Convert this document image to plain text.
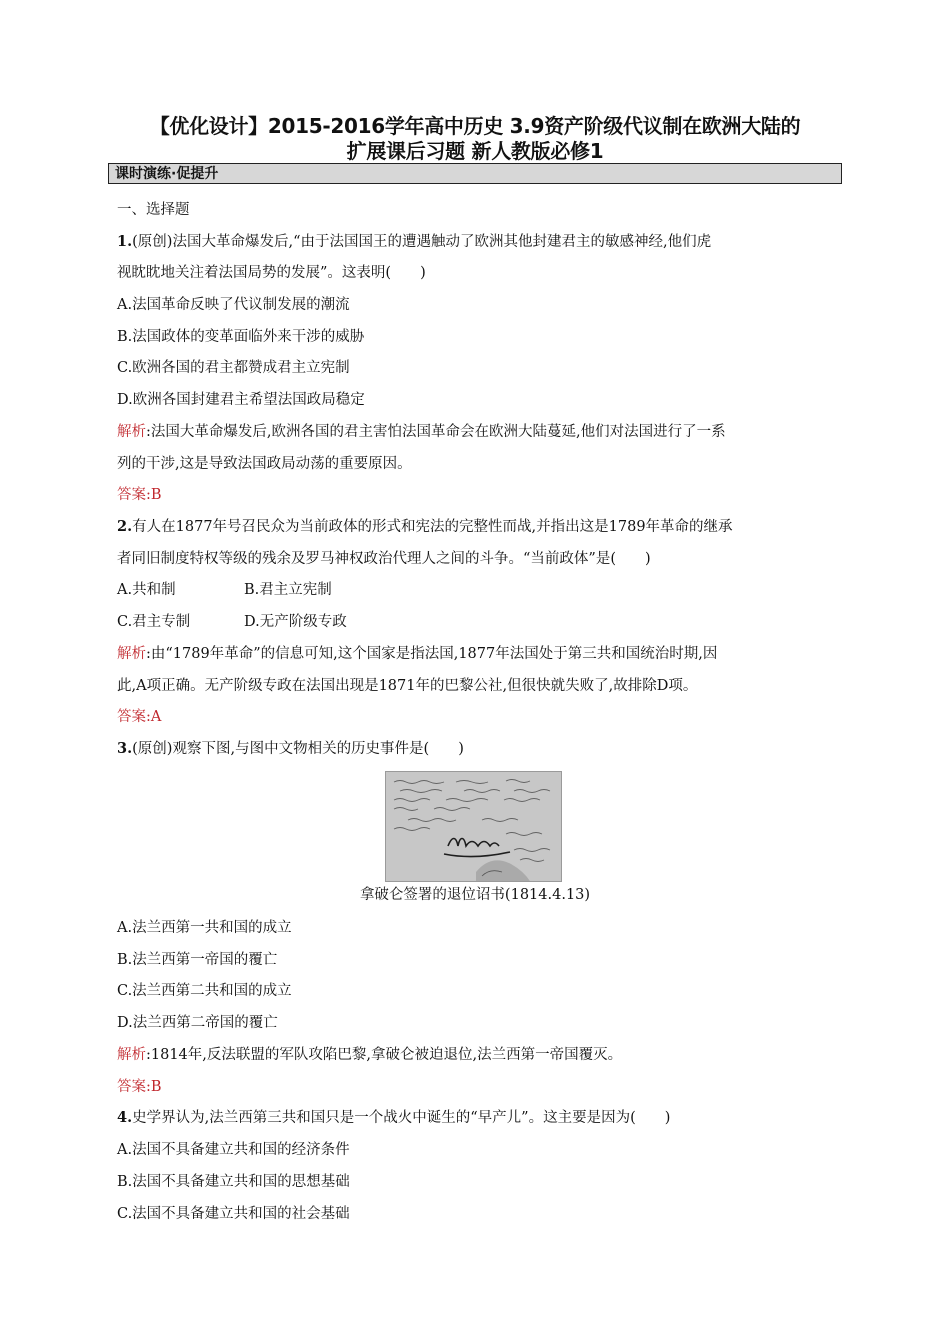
【优化设计】2015-2016学年高中历史 3.9资产阶级代议制在欧洲大陆的
扩展课后习题 新人教版必修1
课时演练·促提升
一、选择题
1.(原创)法国大革命爆发后,“由于法国国王的遭遇触动了欧洲其他封建君主的敏感神经,他们虎
视眈眈地关注着法国局势的发展”。这表明(　　)
A.法国革命反映了代议制发展的潮流
B.法国政体的变革面临外来干涉的威胁
C.欧洲各国的君主都赞成君主立宪制
D.欧洲各国封建君主希望法国政局稳定
解析:法国大革命爆发后,欧洲各国的君主害怕法国革命会在欧洲大陆蔓延,他们对法国进行了一系
列的干涉,这是导致法国政局动荡的重要原因。
答案:B
2.有人在1877年号召民众为当前政体的形式和宪法的完整性而战,并指出这是1789年革命的继承
者同旧制度特权等级的残余及罗马神权政治代理人之间的斗争。“当前政体”是(　　)
A.共和制	B.君主立宪制
C.君主专制	D.无产阶级专政
解析:由“1789年革命”的信息可知,这个国家是指法国,1877年法国处于第三共和国统治时期,因
此,A项正确。无产阶级专政在法国出现是1871年的巴黎公社,但很快就失败了,故排除D项。
答案:A
3.(原创)观察下图,与图中文物相关的历史事件是(　　)
拿破仑签署的退位诏书(1814.4.13)
A.法兰西第一共和国的成立
B.法兰西第一帝国的覆亡
C.法兰西第二共和国的成立
D.法兰西第二帝国的覆亡
解析:1814年,反法联盟的军队攻陷巴黎,拿破仑被迫退位,法兰西第一帝国覆灭。
答案:B
4.史学界认为,法兰西第三共和国只是一个战火中诞生的“早产儿”。这主要是因为(　　)
A.法国不具备建立共和国的经济条件
B.法国不具备建立共和国的思想基础
C.法国不具备建立共和国的社会基础
